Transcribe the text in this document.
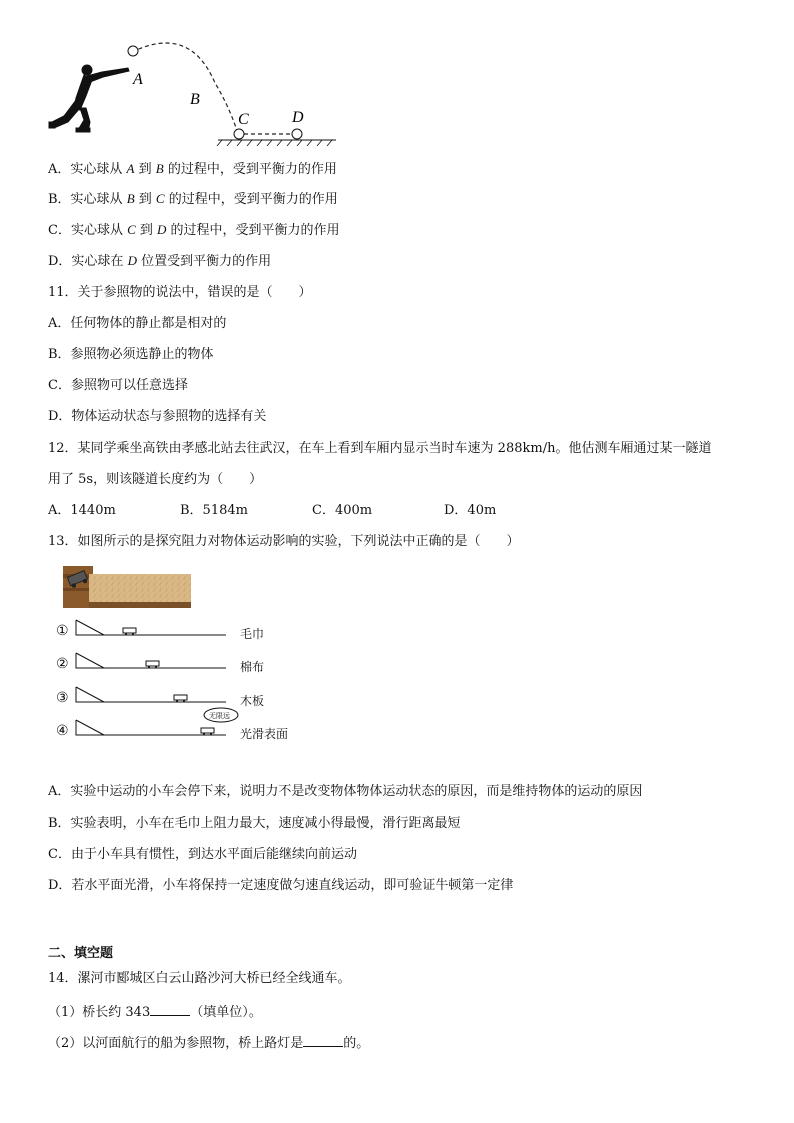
A
B
C	D
A．实心球从 A 到 B 的过程中，受到平衡力的作用
B．实心球从 B 到 C 的过程中，受到平衡力的作用
C．实心球从 C 到 D 的过程中，受到平衡力的作用
D．实心球在 D 位置受到平衡力的作用
11．关于参照物的说法中，错误的是（　　）
A．任何物体的静止都是相对的
B．参照物必须选静止的物体
C．参照物可以任意选择
D．物体运动状态与参照物的选择有关
12．某同学乘坐高铁由孝感北站去往武汉，在车上看到车厢内显示当时车速为 288km/h。他估测车厢通过某一隧道
用了 5s，则该隧道长度约为（　　）
A．1440m	B．5184m	C．400m	D．40m
13．如图所示的是探究阻力对物体运动影响的实验，下列说法中正确的是（　　）
①
②
③
④
无限远
毛巾
棉布
木板
光滑表面
A．实验中运动的小车会停下来，说明力不是改变物体物体运动状态的原因，而是维持物体的运动的原因
B．实验表明，小车在毛巾上阻力最大，速度减小得最慢，滑行距离最短
C．由于小车具有惯性，到达水平面后能继续向前运动
D．若水平面光滑，小车将保持一定速度做匀速直线运动，即可验证牛顿第一定律
二、填空题
14．漯河市郾城区白云山路沙河大桥已经全线通车。
（1）桥长约 343	（填单位）。
（2）以河面航行的船为参照物，桥上路灯是	的。
